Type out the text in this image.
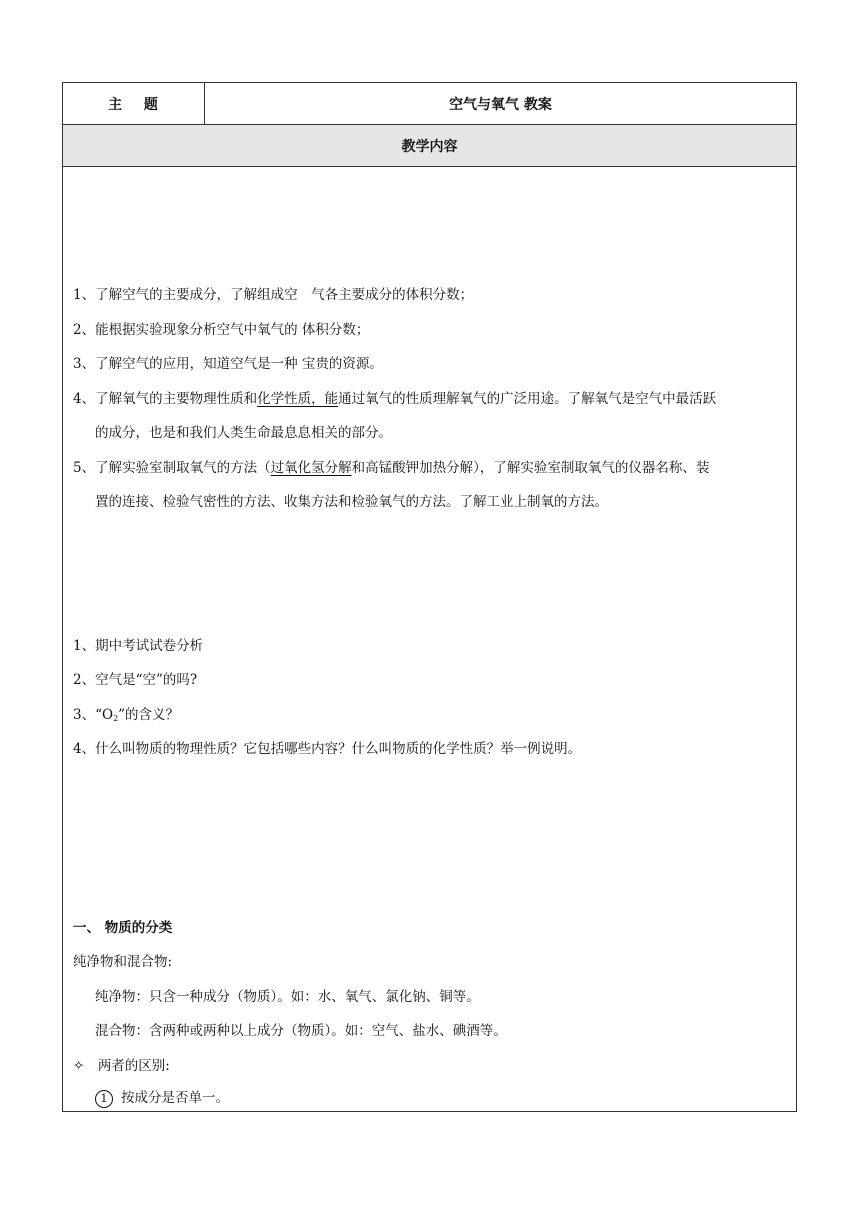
主　 题	空气与氧气 教案
教学内容
1、了解空气的主要成分，了解组成空　气各主要成分的体积分数；
2、能根据实验现象分析空气中氧气的 体积分数；
3、了解空气的应用，知道空气是一种 宝贵的资源。
4、了解氧气的主要物理性质和化学性质，能通过氧气的性质理解氧气的广泛用途。了解氧气是空气中最活跃
的成分，也是和我们人类生命最息息相关的部分。
5、了解实验室制取氧气的方法（过氧化氢分解和高锰酸钾加热分解），了解实验室制取氧气的仪器名称、装
置的连接、检验气密性的方法、收集方法和检验氧气的方法。了解工业上制氧的方法。
1、期中考试试卷分析
2、空气是“空”的吗?
3、“$O_2$”的含义？
4、什么叫物质的物理性质？它包括哪些内容？什么叫物质的化学性质？举一例说明。
一、 物质的分类
纯净物和混合物:
纯净物：只含一种成分（物质）。如：水、氧气、氯化钠、铜等。
混合物：含两种或两种以上成分（物质）。如：空气、盐水、碘酒等。
✧　 两者的区别:
1 按成分是否单一。
